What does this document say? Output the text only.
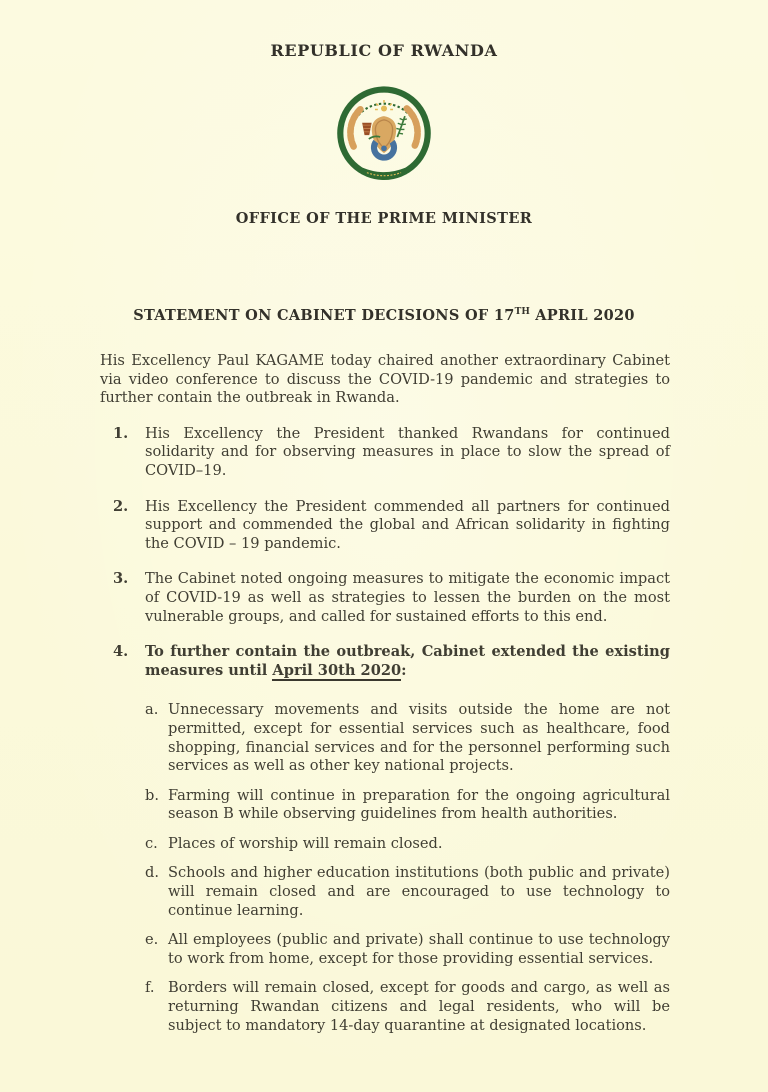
REPUBLIC OF RWANDA
OFFICE OF THE PRIME MINISTER
STATEMENT ON CABINET DECISIONS OF 17TH APRIL 2020

His Excellency Paul KAGAME today chaired another extraordinary Cabinet via video conference to discuss the COVID-19 pandemic and strategies to further contain the outbreak in Rwanda.

1.	His Excellency the President thanked Rwandans for continued solidarity and for observing measures in place to slow the spread of COVID–19.
2.	His Excellency the President commended all partners for continued support and commended the global and African solidarity in fighting the COVID – 19 pandemic.
3.	The Cabinet noted ongoing measures to mitigate the economic impact of COVID-19 as well as strategies to lessen the burden on the most vulnerable groups, and called for sustained efforts to this end.
4.	To further contain the outbreak, Cabinet extended the existing measures until April 30th 2020:
a. Unnecessary movements and visits outside the home are not permitted, except for essential services such as healthcare, food shopping, financial services and for the personnel performing such services as well as other key national projects.
b. Farming will continue in preparation for the ongoing agricultural season B while observing guidelines from health authorities.
c. Places of worship will remain closed.
d. Schools and higher education institutions (both public and private) will remain closed and are encouraged to use technology to continue learning.
e. All employees (public and private) shall continue to use technology to work from home, except for those providing essential services.
f. Borders will remain closed, except for goods and cargo, as well as returning Rwandan citizens and legal residents, who will be subject to mandatory 14-day quarantine at designated locations.
